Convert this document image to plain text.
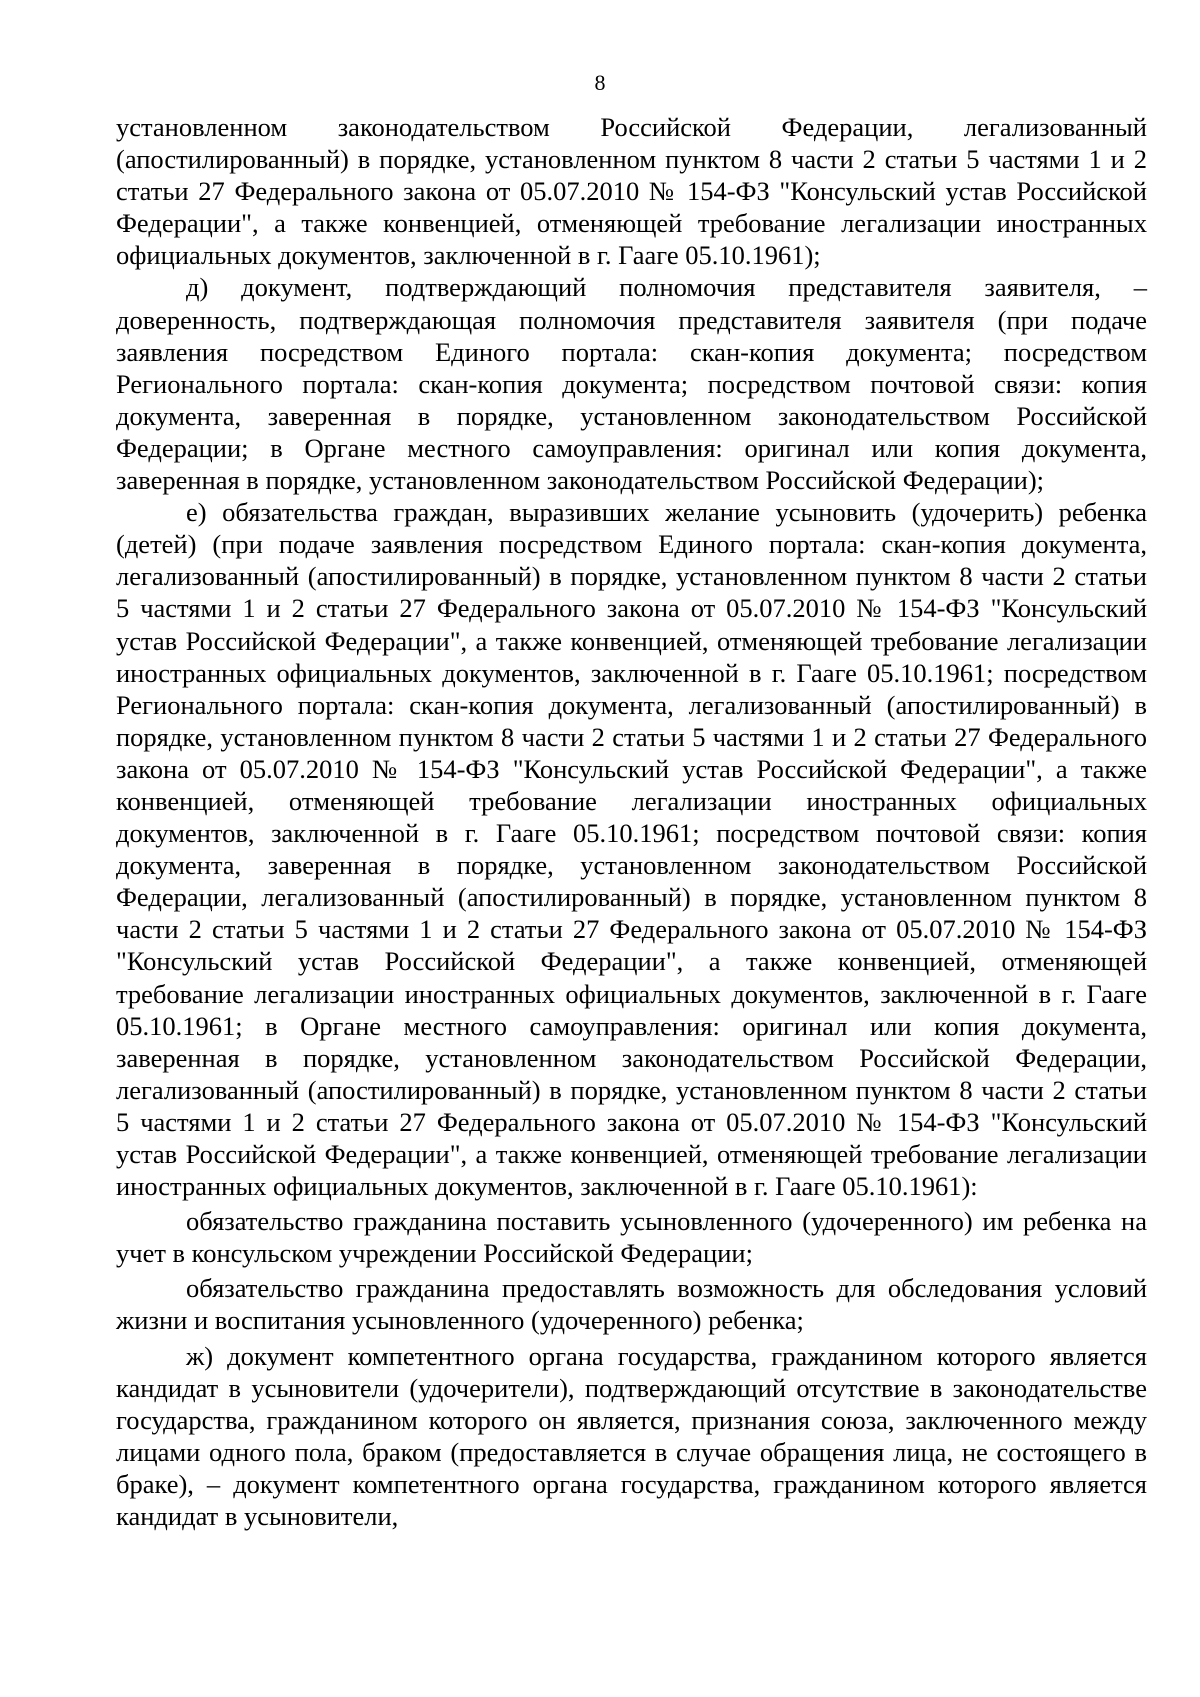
8

установленном законодательством Российской Федерации, легализованный (апостилированный) в порядке, установленном пунктом 8 части 2 статьи 5 частями 1 и 2 статьи 27 Федерального закона от 05.07.2010 № 154-ФЗ "Консульский устав Российской Федерации", а также конвенцией, отменяющей требование легализации иностранных официальных документов, заключенной в г. Гааге 05.10.1961);

д) документ, подтверждающий полномочия представителя заявителя, – доверенность, подтверждающая полномочия представителя заявителя (при подаче заявления посредством Единого портала: скан-копия документа; посредством Регионального портала: скан-копия документа; посредством почтовой связи: копия документа, заверенная в порядке, установленном законодательством Российской Федерации; в Органе местного самоуправления: оригинал или копия документа, заверенная в порядке, установленном законодательством Российской Федерации);

е) обязательства граждан, выразивших желание усыновить (удочерить) ребенка (детей) (при подаче заявления посредством Единого портала: скан-копия документа, легализованный (апостилированный) в порядке, установленном пунктом 8 части 2 статьи 5 частями 1 и 2 статьи 27 Федерального закона от 05.07.2010 № 154-ФЗ "Консульский устав Российской Федерации", а также конвенцией, отменяющей требование легализации иностранных официальных документов, заключенной в г. Гааге 05.10.1961; посредством Регионального портала: скан-копия документа, легализованный (апостилированный) в порядке, установленном пунктом 8 части 2 статьи 5 частями 1 и 2 статьи 27 Федерального закона от 05.07.2010 № 154-ФЗ "Консульский устав Российской Федерации", а также конвенцией, отменяющей требование легализации иностранных официальных документов, заключенной в г. Гааге 05.10.1961; посредством почтовой связи: копия документа, заверенная в порядке, установленном законодательством Российской Федерации, легализованный (апостилированный) в порядке, установленном пунктом 8 части 2 статьи 5 частями 1 и 2 статьи 27 Федерального закона от 05.07.2010 № 154-ФЗ "Консульский устав Российской Федерации", а также конвенцией, отменяющей требование легализации иностранных официальных документов, заключенной в г. Гааге 05.10.1961; в Органе местного самоуправления: оригинал или копия документа, заверенная в порядке, установленном законодательством Российской Федерации, легализованный (апостилированный) в порядке, установленном пунктом 8 части 2 статьи 5 частями 1 и 2 статьи 27 Федерального закона от 05.07.2010 № 154-ФЗ "Консульский устав Российской Федерации", а также конвенцией, отменяющей требование легализации иностранных официальных документов, заключенной в г. Гааге 05.10.1961):

обязательство гражданина поставить усыновленного (удочеренного) им ребенка на учет в консульском учреждении Российской Федерации;

обязательство гражданина предоставлять возможность для обследования условий жизни и воспитания усыновленного (удочеренного) ребенка;

ж) документ компетентного органа государства, гражданином которого является кандидат в усыновители (удочерители), подтверждающий отсутствие в законодательстве государства, гражданином которого он является, признания союза, заключенного между лицами одного пола, браком (предоставляется в случае обращения лица, не состоящего в браке), – документ компетентного органа государства, гражданином которого является кандидат в усыновители,
